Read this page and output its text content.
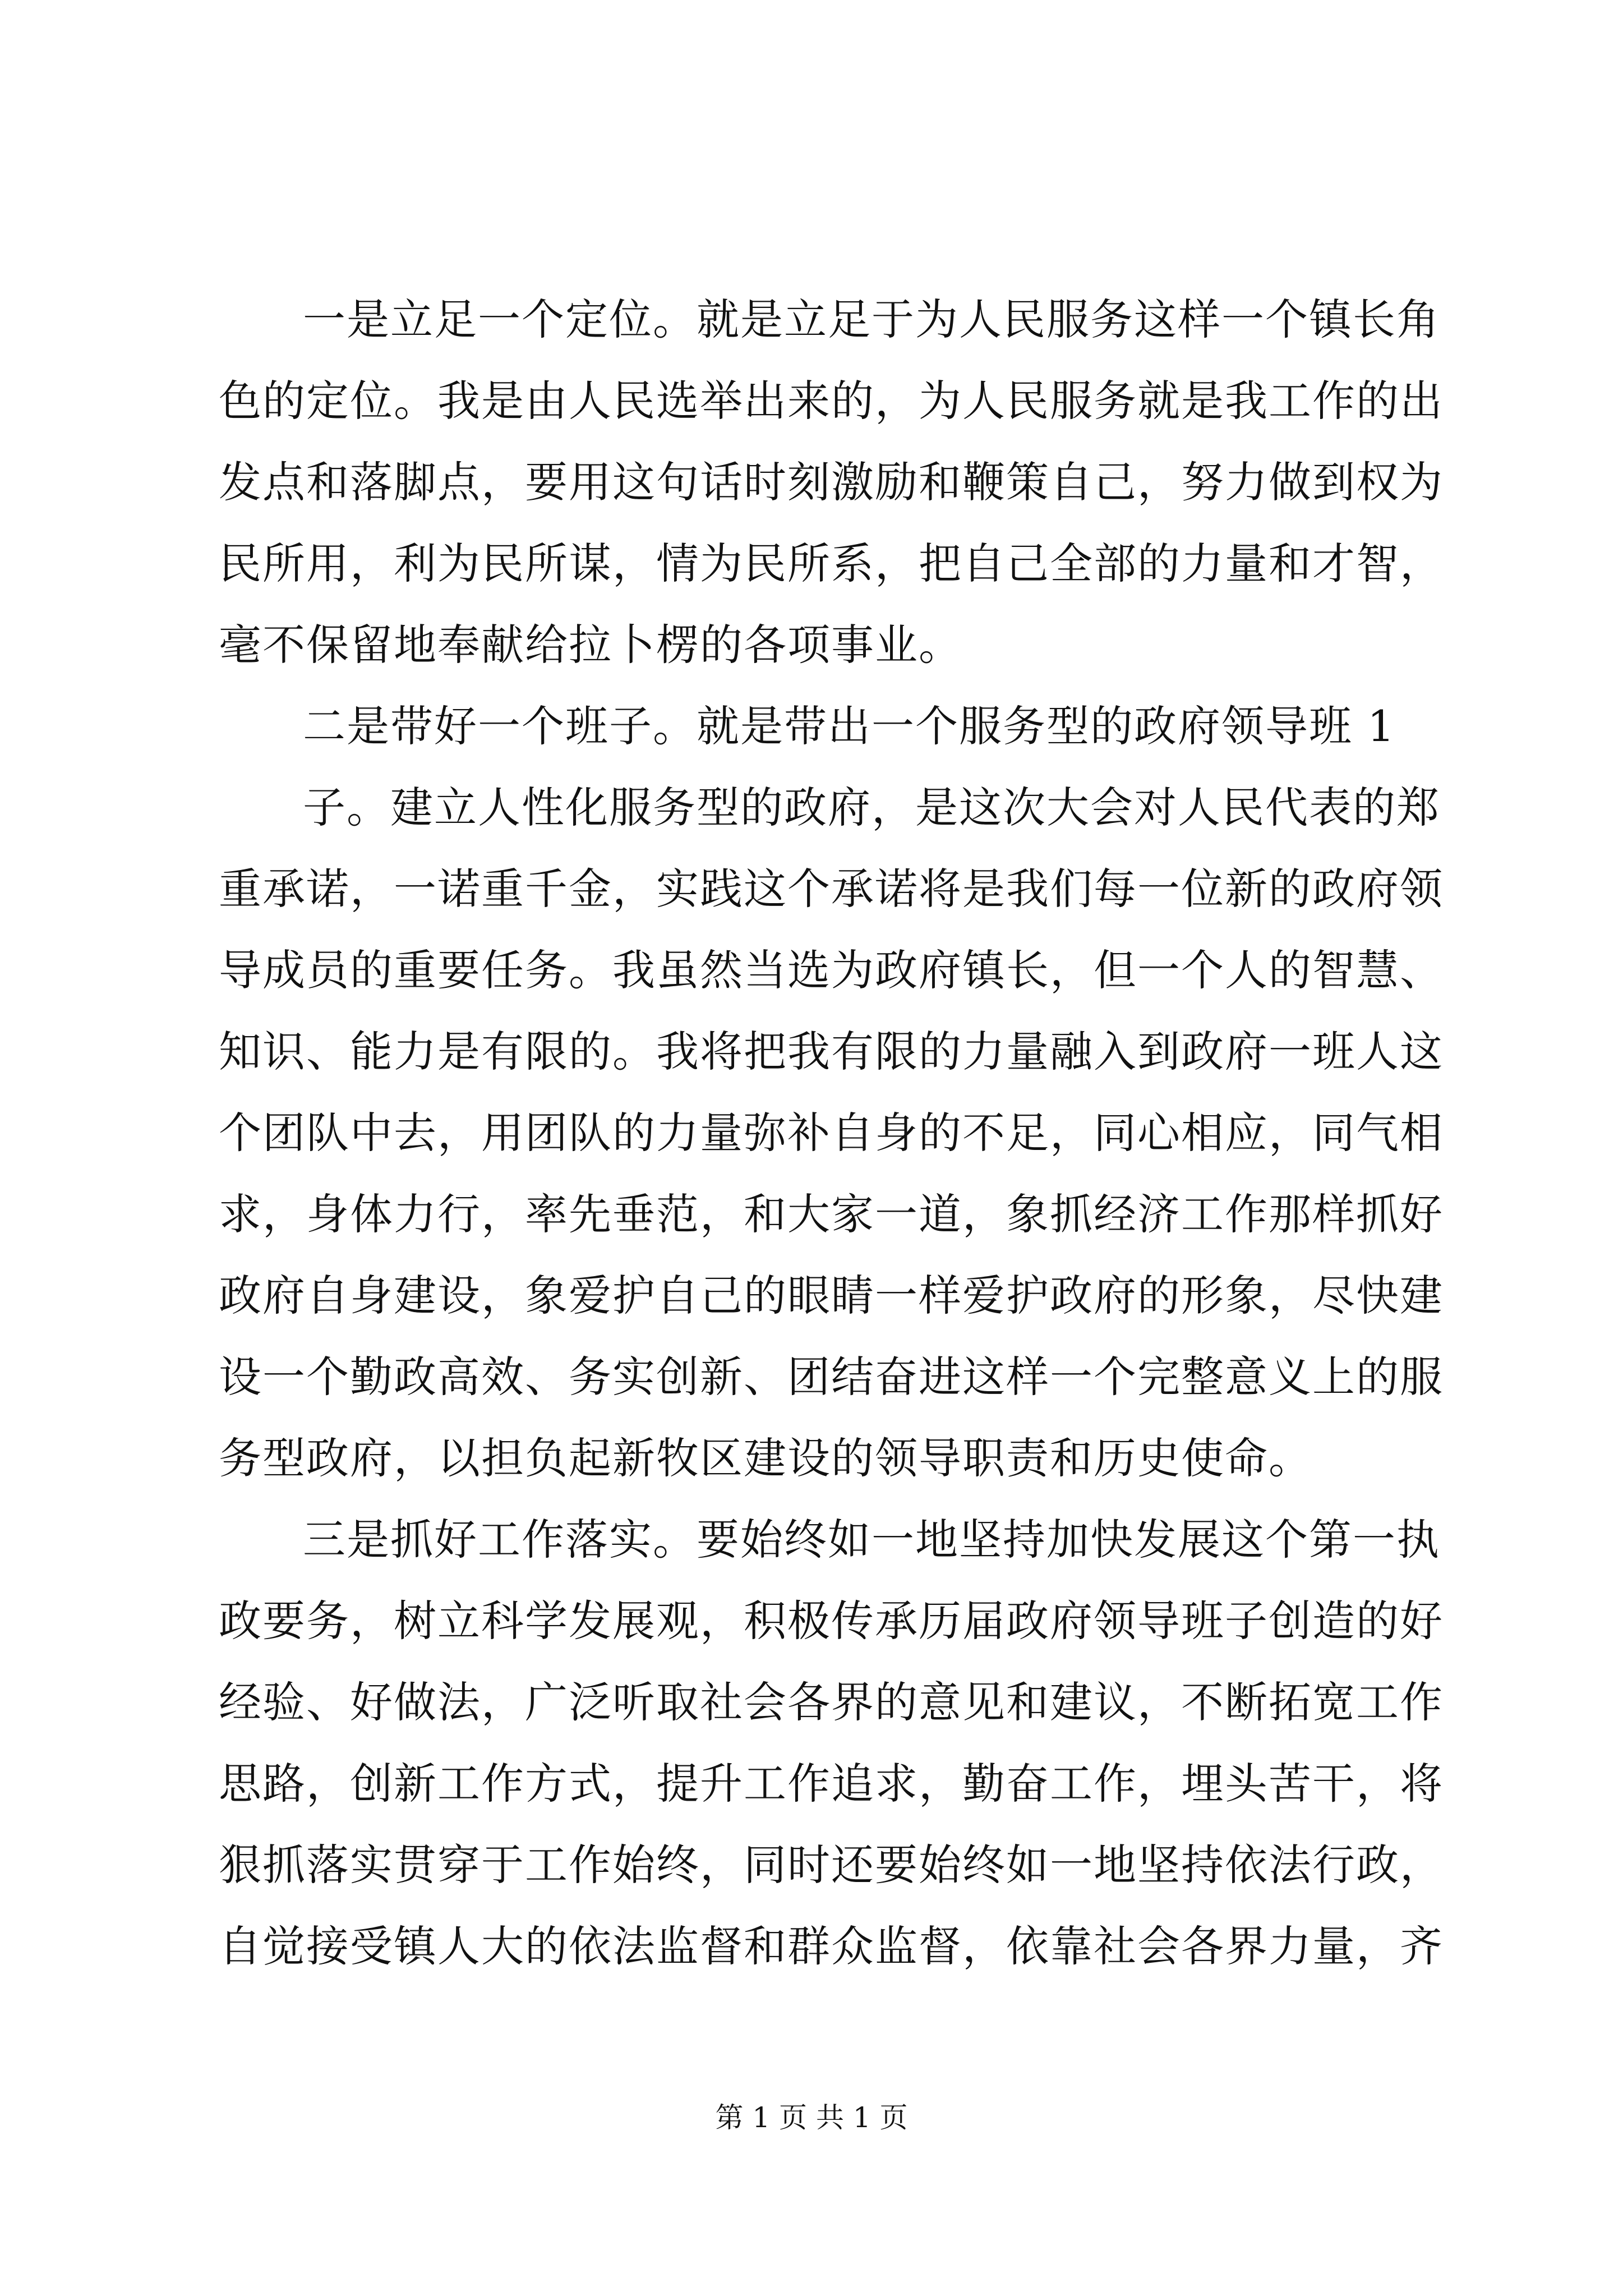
一是立足一个定位。就是立足于为人民服务这样一个镇长角
色的定位。我是由人民选举出来的，为人民服务就是我工作的出
发点和落脚点，要用这句话时刻激励和鞭策自己，努力做到权为
民所用，利为民所谋，情为民所系，把自己全部的力量和才智，
毫不保留地奉献给拉卜楞的各项事业。
二是带好一个班子。就是带出一个服务型的政府领导班 1
子。建立人性化服务型的政府，是这次大会对人民代表的郑
重承诺，一诺重千金，实践这个承诺将是我们每一位新的政府领
导成员的重要任务。我虽然当选为政府镇长，但一个人的智慧、
知识、能力是有限的。我将把我有限的力量融入到政府一班人这
个团队中去，用团队的力量弥补自身的不足，同心相应，同气相
求，身体力行，率先垂范，和大家一道，象抓经济工作那样抓好
政府自身建设，象爱护自己的眼睛一样爱护政府的形象，尽快建
设一个勤政高效、务实创新、团结奋进这样一个完整意义上的服
务型政府，以担负起新牧区建设的领导职责和历史使命。
三是抓好工作落实。要始终如一地坚持加快发展这个第一执
政要务，树立科学发展观，积极传承历届政府领导班子创造的好
经验、好做法，广泛听取社会各界的意见和建议，不断拓宽工作
思路，创新工作方式，提升工作追求，勤奋工作，埋头苦干，将
狠抓落实贯穿于工作始终，同时还要始终如一地坚持依法行政，
自觉接受镇人大的依法监督和群众监督，依靠社会各界力量，齐
第 1 页 共 1 页
